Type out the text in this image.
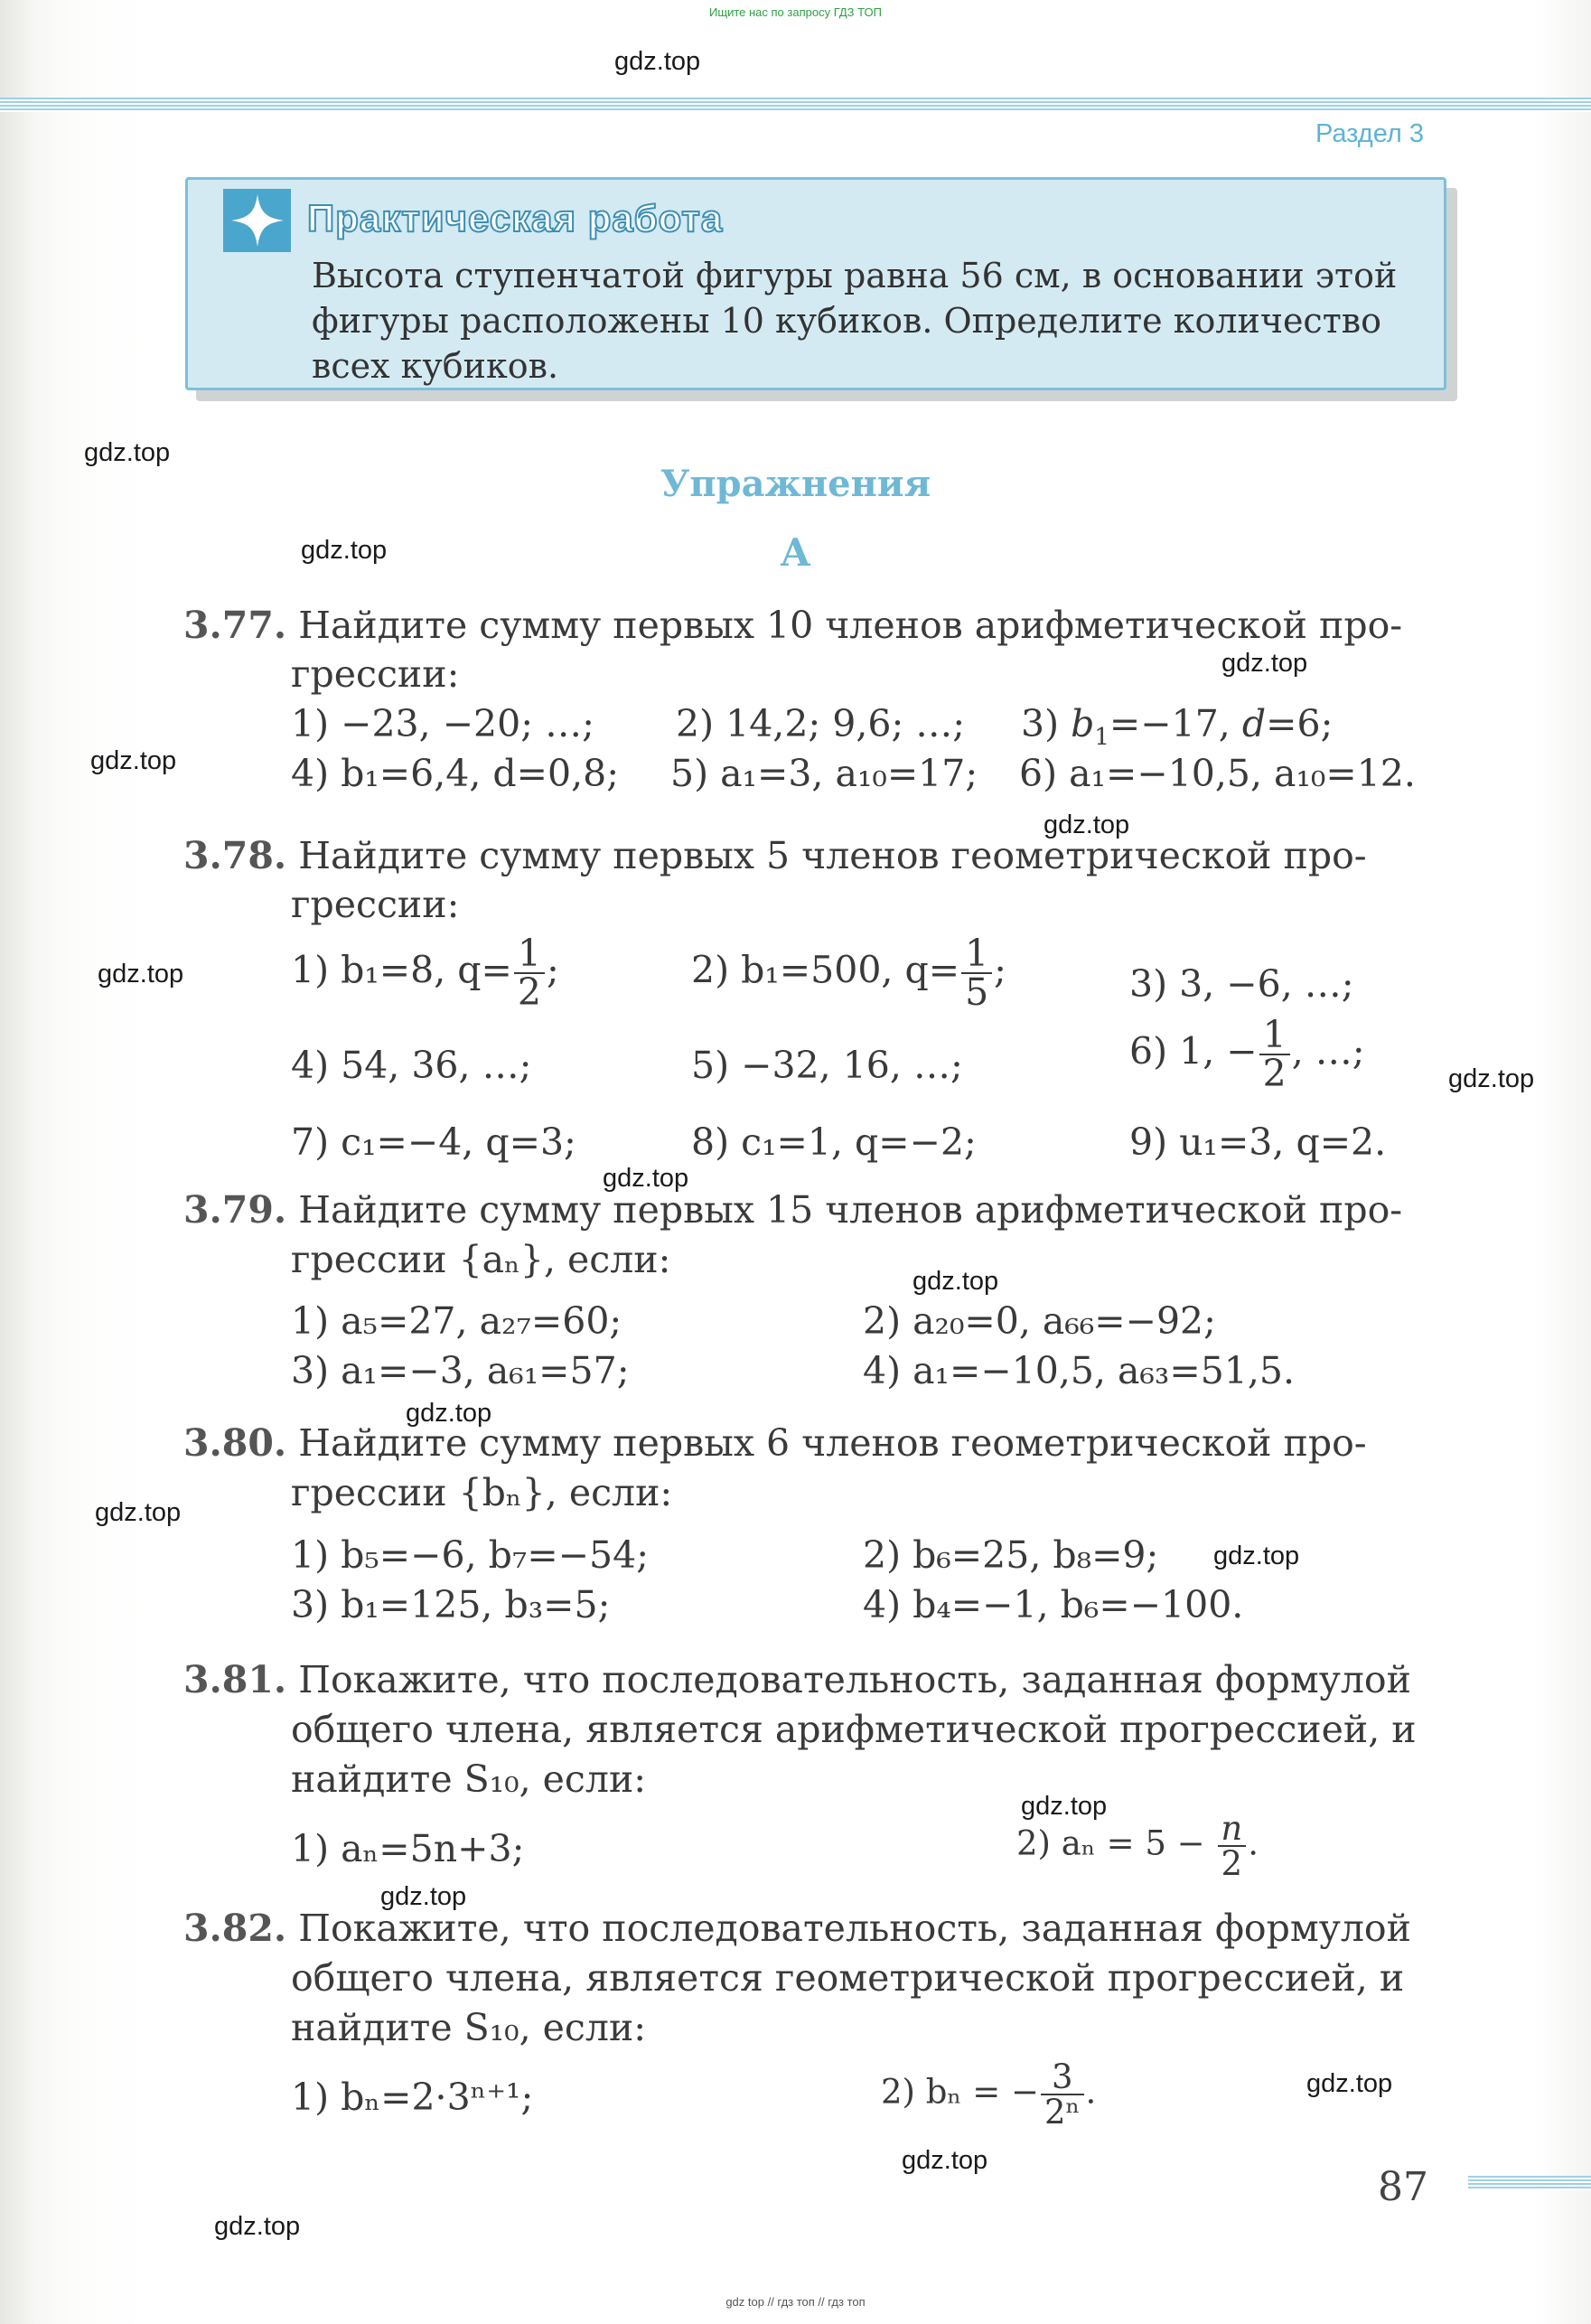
Ищите нас по запросу ГДЗ ТОП
gdz.top
gdz.top
gdz.top
gdz.top
gdz.top
gdz.top
gdz.top
gdz.top
gdz.top
gdz.top
gdz.top
gdz.top
gdz.top
gdz.top
gdz.top
gdz.top
gdz.top
gdz.top
Раздел 3
Практическая работа
Высота ступенчатой фигуры равна 56 см, в основании этой
фигуры расположены 10 кубиков. Определите количество
всех кубиков.
Упражнения
А
3.77. Найдите сумму первых 10 членов арифметической про-
грессии:
1) −23, −20; …; 2) 14,2; 9,6; …; 3) $b_1=-17$, d=6;
4) b₁=6,4, d=0,8; 5) a₁=3, a₁₀=17; 6) a₁=−10,5, a₁₀=12.
3.78. Найдите сумму первых 5 членов геометрической про-
грессии:
1) b₁=8, $q= \frac{1}{2}$ ;	2) b₁=500, $q= \frac{1}{5}$ ;	3) 3, −6, …;
4) 54, 36, …;	5) −32, 16, …;	6) 1, − $\frac{1}{2}$ , …;
7) c₁=−4, q=3;	8) c₁=1, q=−2;	9) u₁=3, q=2.
3.79. Найдите сумму первых 15 членов арифметической про-
грессии {aₙ}, если:
1) a₅=27, a₂₇=60;	2) a₂₀=0, a₆₆=−92;
3) a₁=−3, a₆₁=57;	4) a₁=−10,5, a₆₃=51,5.
3.80. Найдите сумму первых 6 членов геометрической про-
грессии {bₙ}, если:
1) b₅=−6, b₇=−54;	2) b₆=25, b₈=9;
3) b₁=125, b₃=5;	4) b₄=−1, b₆=−100.
3.81. Покажите, что последовательность, заданная формулой
общего члена, является арифметической прогрессией, и
найдите S₁₀, если:
1) aₙ=5n+3;	2) $a_n = 5 - \frac{n}{2}$ .
3.82. Покажите, что последовательность, заданная формулой
общего члена, является геометрической прогрессией, и
найдите S₁₀, если:
1) bₙ=2·3ⁿ⁺¹;	2) bₙ = − $\frac{3}{\text{2ⁿ}}$ .
87
gdz top // гдз топ // гдз топ
